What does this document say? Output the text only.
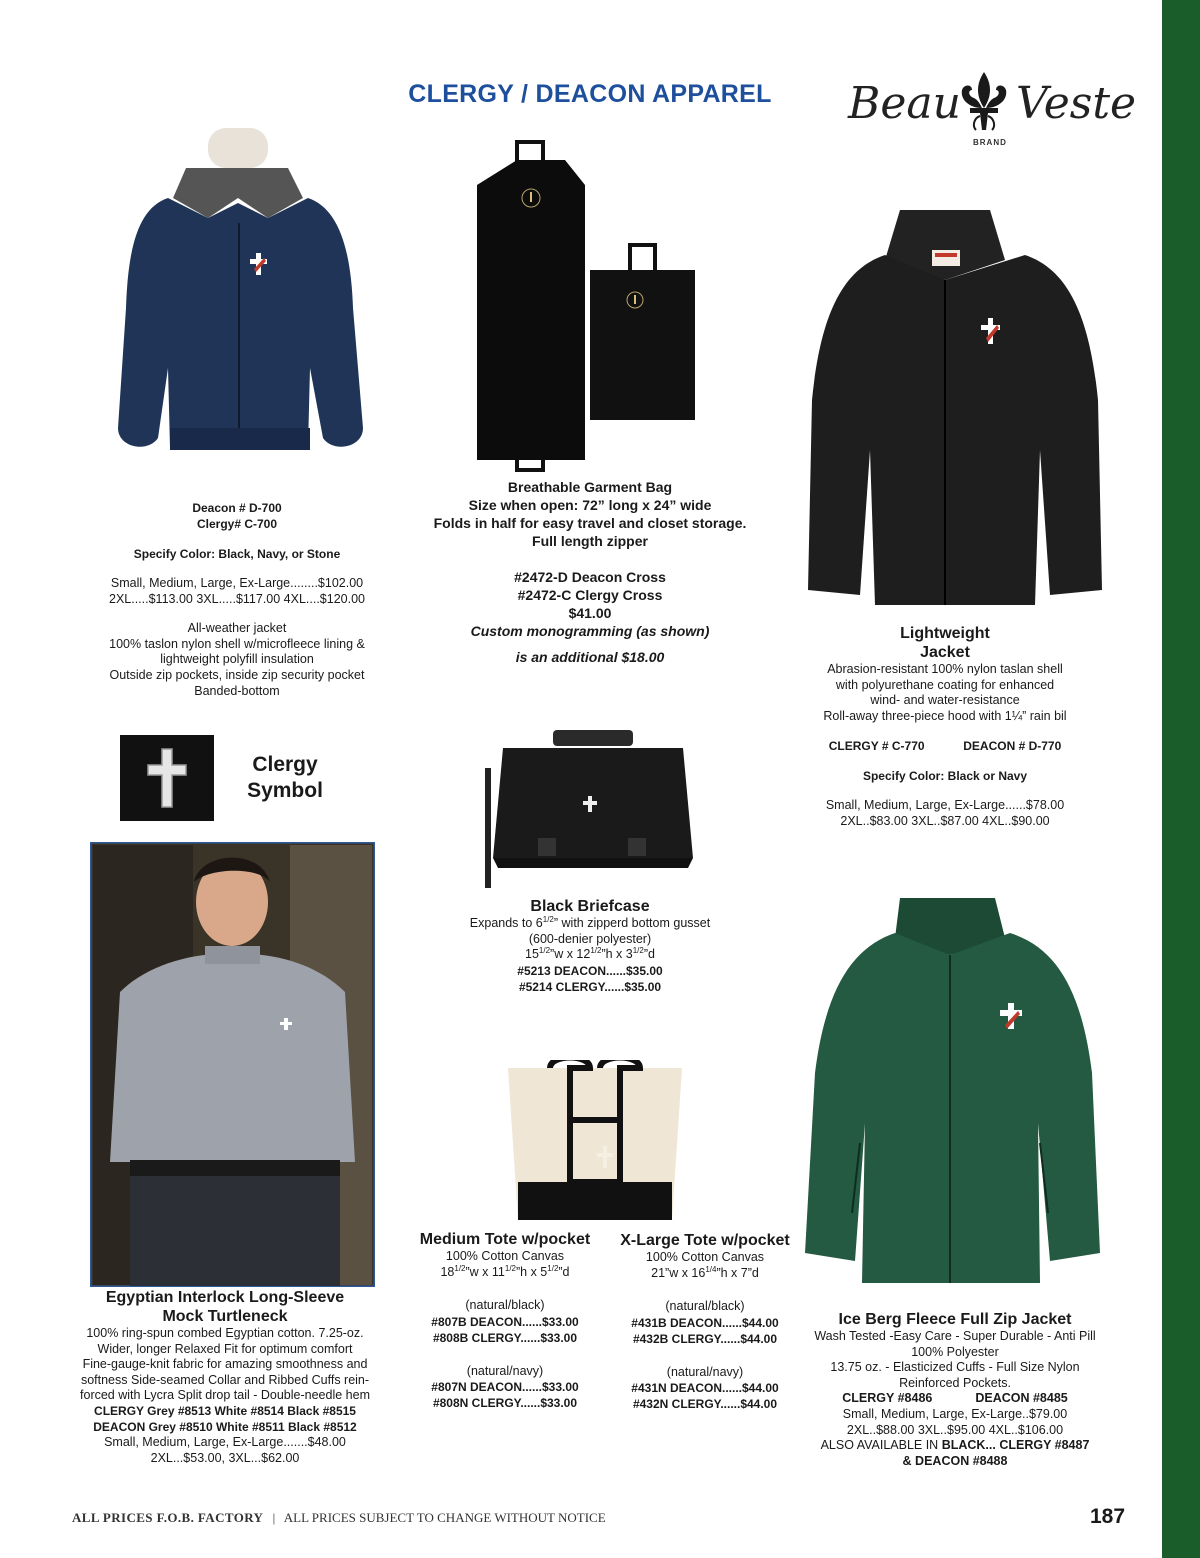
CLERGY / DEACON APPAREL	Beau Veste
BRAND
Deacon # D-700
Clergy# C-700
Specify Color: Black, Navy, or Stone
Small, Medium, Large, Ex-Large........$102.00
2XL.....$113.00 3XL.....$117.00 4XL....$120.00
All-weather jacket
100% taslon nylon shell w/microfleece lining &
lightweight polyfill insulation
Outside zip pockets, inside zip security pocket
Banded-bottom
Breathable Garment Bag
Size when open: 72” long x 24” wide
Folds in half for easy travel and closet storage.
Full length zipper
#2472-D Deacon Cross
#2472-C Clergy Cross
$41.00
Custom monogramming (as shown)
is an additional $18.00
Lightweight
Jacket
Abrasion-resistant 100% nylon taslan shell
with polyurethane coating for enhanced
wind- and water-resistance
Roll-away three-piece hood with 1¼” rain bil
CLERGY # C-770	DEACON # D-770
Specify Color: Black or Navy
Small, Medium, Large, Ex-Large......$78.00
2XL..$83.00 3XL..$87.00 4XL..$90.00
Clergy
Symbol
Black Briefcase
Expands to $6^{1/2}$” with zipperd bottom gusset
(600-denier polyester)
$15^{1/2}”w$ x $12^{1/2}”h$ x $3^{1/2}”d$
#5213 DEACON......$35.00
#5214 CLERGY......$35.00
Egyptian Interlock Long-Sleeve
Mock Turtleneck
100% ring-spun combed Egyptian cotton. 7.25-oz.
Wider, longer Relaxed Fit for optimum comfort
Fine-gauge-knit fabric for amazing smoothness and
softness Side-seamed Collar and Ribbed Cuffs rein-
forced with Lycra Split drop tail - Double-needle hem
CLERGY Grey #8513 White #8514 Black #8515
DEACON Grey #8510 White #8511 Black #8512
Small, Medium, Large, Ex-Large.......$48.00
2XL...$53.00, 3XL...$62.00
Medium Tote w/pocket
100% Cotton Canvas
$18^{1/2}”w$ x $11^{1/2}”h$ x $5^{1/2}”d$
(natural/black)
#807B DEACON......$33.00
#808B CLERGY......$33.00
(natural/navy)
#807N DEACON......$33.00
#808N CLERGY......$33.00
X-Large Tote w/pocket
100% Cotton Canvas
21”w x $16^{1/4}”h$ x 7”d
(natural/black)
#431B DEACON......$44.00
#432B CLERGY......$44.00
(natural/navy)
#431N DEACON......$44.00
#432N CLERGY......$44.00
Ice Berg Fleece Full Zip Jacket
Wash Tested -Easy Care - Super Durable - Anti Pill
100% Polyester
13.75 oz. - Elasticized Cuffs - Full Size Nylon
Reinforced Pockets.
CLERGY #8486	DEACON #8485
Small, Medium, Large, Ex-Large..$79.00
2XL..$88.00 3XL..$95.00 4XL..$106.00
ALSO AVAILABLE IN BLACK... CLERGY #8487
& DEACON #8488
ALL PRICES F.O.B. FACTORY | ALL PRICES SUBJECT TO CHANGE WITHOUT NOTICE	187
